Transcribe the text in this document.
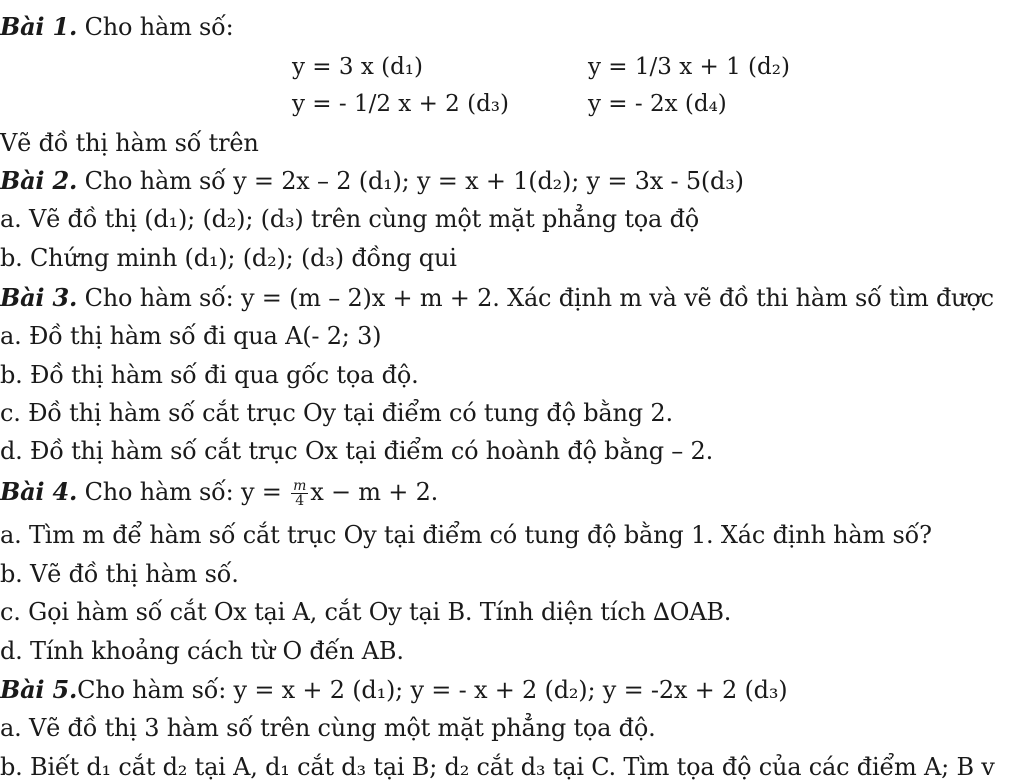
Bài 1. Cho hàm số:
y = 3 x (d₁)	y = 1/3 x + 1 (d₂)
y = - 1/2 x + 2 (d₃)	y = - 2x (d₄)
Vẽ đồ thị hàm số trên
Bài 2. Cho hàm số y = 2x – 2 (d₁); y = x + 1(d₂); y = 3x - 5(d₃)
a. Vẽ đồ thị (d₁); (d₂); (d₃) trên cùng một mặt phẳng tọa độ
b. Chứng minh (d₁); (d₂); (d₃) đồng qui
Bài 3. Cho hàm số: y = (m – 2)x + m + 2. Xác định m và vẽ đồ thi hàm số tìm được
a. Đồ thị hàm số đi qua A(- 2; 3)
b. Đồ thị hàm số đi qua gốc tọa độ.
c. Đồ thị hàm số cắt trục Oy tại điểm có tung độ bằng 2.
d. Đồ thị hàm số cắt trục Ox tại điểm có hoành độ bằng – 2.
Bài 4. Cho hàm số: $y = \frac{m}{4}$ x − m + 2.
a. Tìm m để hàm số cắt trục Oy tại điểm có tung độ bằng 1. Xác định hàm số?
b. Vẽ đồ thị hàm số.
c. Gọi hàm số cắt Ox tại A, cắt Oy tại B. Tính diện tích ∆OAB.
d. Tính khoảng cách từ O đến AB.
Bài 5.Cho hàm số: y = x + 2 (d₁); y = - x + 2 (d₂); y = -2x + 2 (d₃)
a. Vẽ đồ thị 3 hàm số trên cùng một mặt phẳng tọa độ.
b. Biết d₁ cắt d₂ tại A, d₁ cắt d₃ tại B; d₂ cắt d₃ tại C. Tìm tọa độ của các điểm A; B v
